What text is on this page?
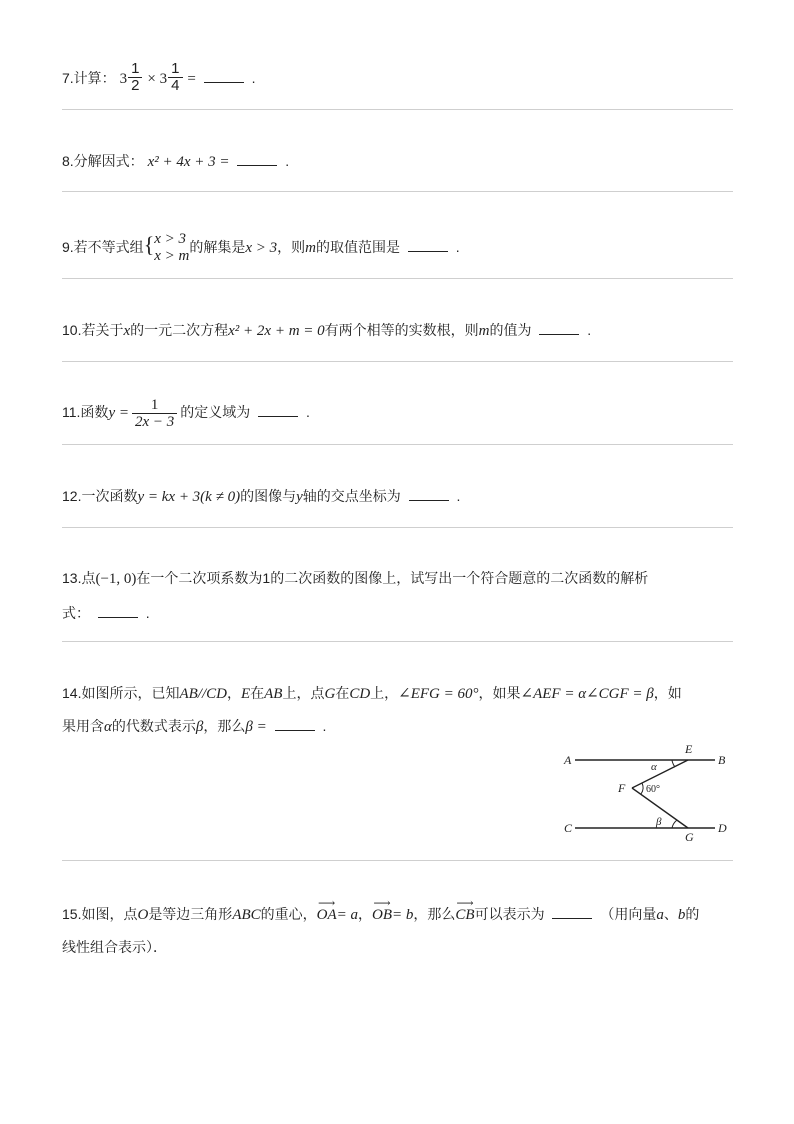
7.计算： $3 \frac{1}{2} \times 3 \frac{1}{4}$ =	.
8.分解因式： x² + 4x + 3 =	.
9.若不等式组{ x > 3
x > m
的解集是x > 3，则m的取值范围是	.
10.若关于x的一元二次方程x² + 2x + m = 0有两个相等的实数根，则m的值为	.
11.函数$y = \frac{1}{2x - 3}$ 的定义域为	.
12.一次函数y = kx + 3(k ≠ 0)的图像与y轴的交点坐标为	.
13.点(−1, 0)在一个二次项系数为1的二次函数的图像上，试写出一个符合题意的二次函数的解析
式：	.
14.如图所示，已知AB//CD，E在AB上，点G在CD上，∠EFG = 60°，如果∠AEF = α∠CGF = β，如
果用含α的代数式表示β，那么β =	.
A	B
C	D
E
F
G
α
60°
β
15.如图，点O是等边三角形ABC的重心，⟶ OA= a，⟶ OB= b，那么⟶ CB可以表示为	（用向量a、b的
线性组合表示）．
